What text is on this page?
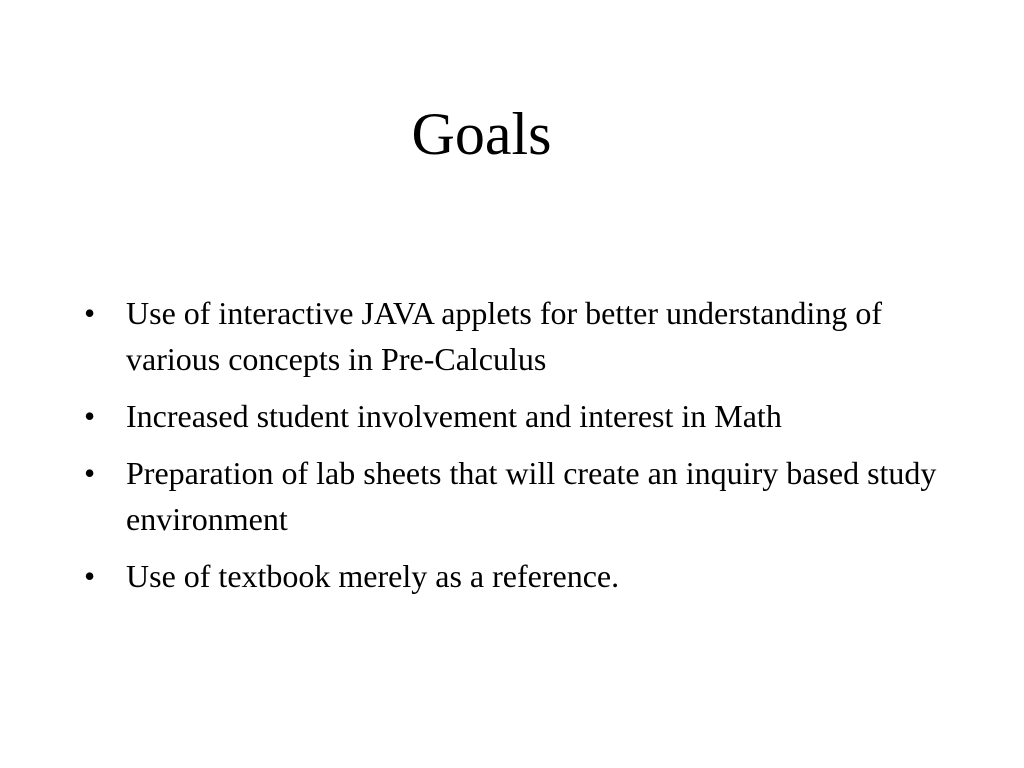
Goals
• Use of interactive JAVA applets for better understanding of various concepts in Pre-Calculus
• Increased student involvement and interest in Math
• Preparation of lab sheets that will create an inquiry based study environment
• Use of textbook merely as a reference.
